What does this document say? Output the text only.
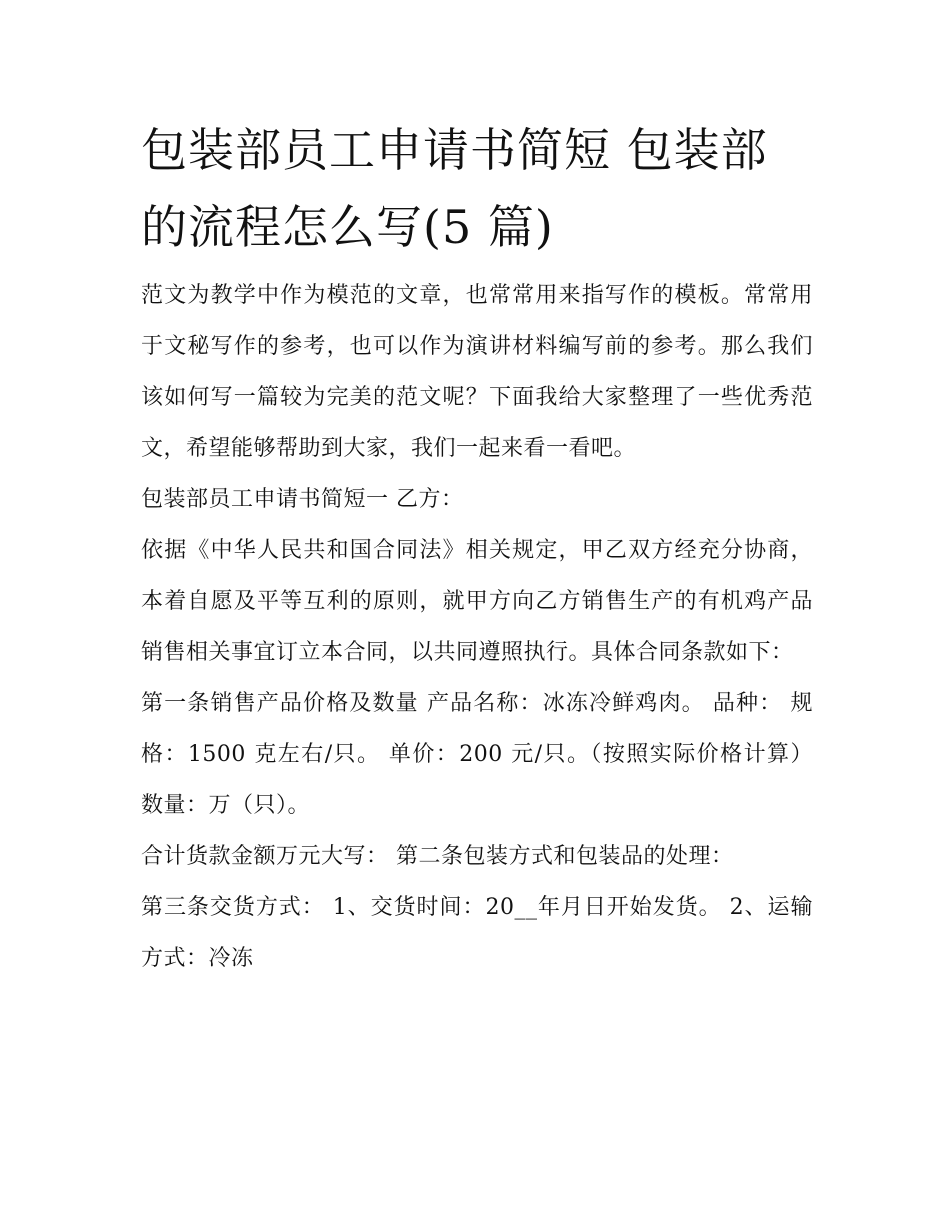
包装部员工申请书简短 包装部的流程怎么写(5 篇)

范文为教学中作为模范的文章，也常常用来指写作的模板。常常用于文秘写作的参考，也可以作为演讲材料编写前的参考。那么我们该如何写一篇较为完美的范文呢？下面我给大家整理了一些优秀范文，希望能够帮助到大家，我们一起来看一看吧。

包装部员工申请书简短一 乙方：

依据《中华人民共和国合同法》相关规定，甲乙双方经充分协商，本着自愿及平等互利的原则，就甲方向乙方销售生产的有机鸡产品销售相关事宜订立本合同，以共同遵照执行。具体合同条款如下：

第一条销售产品价格及数量 产品名称：冰冻冷鲜鸡肉。 品种： 规格：1500 克左右/只。 单价：200 元/只。（按照实际价格计算） 数量：万（只）。

合计货款金额万元大写： 第二条包装方式和包装品的处理：

第三条交货方式： 1、交货时间：20__年月日开始发货。 2、运输方式：冷冻
